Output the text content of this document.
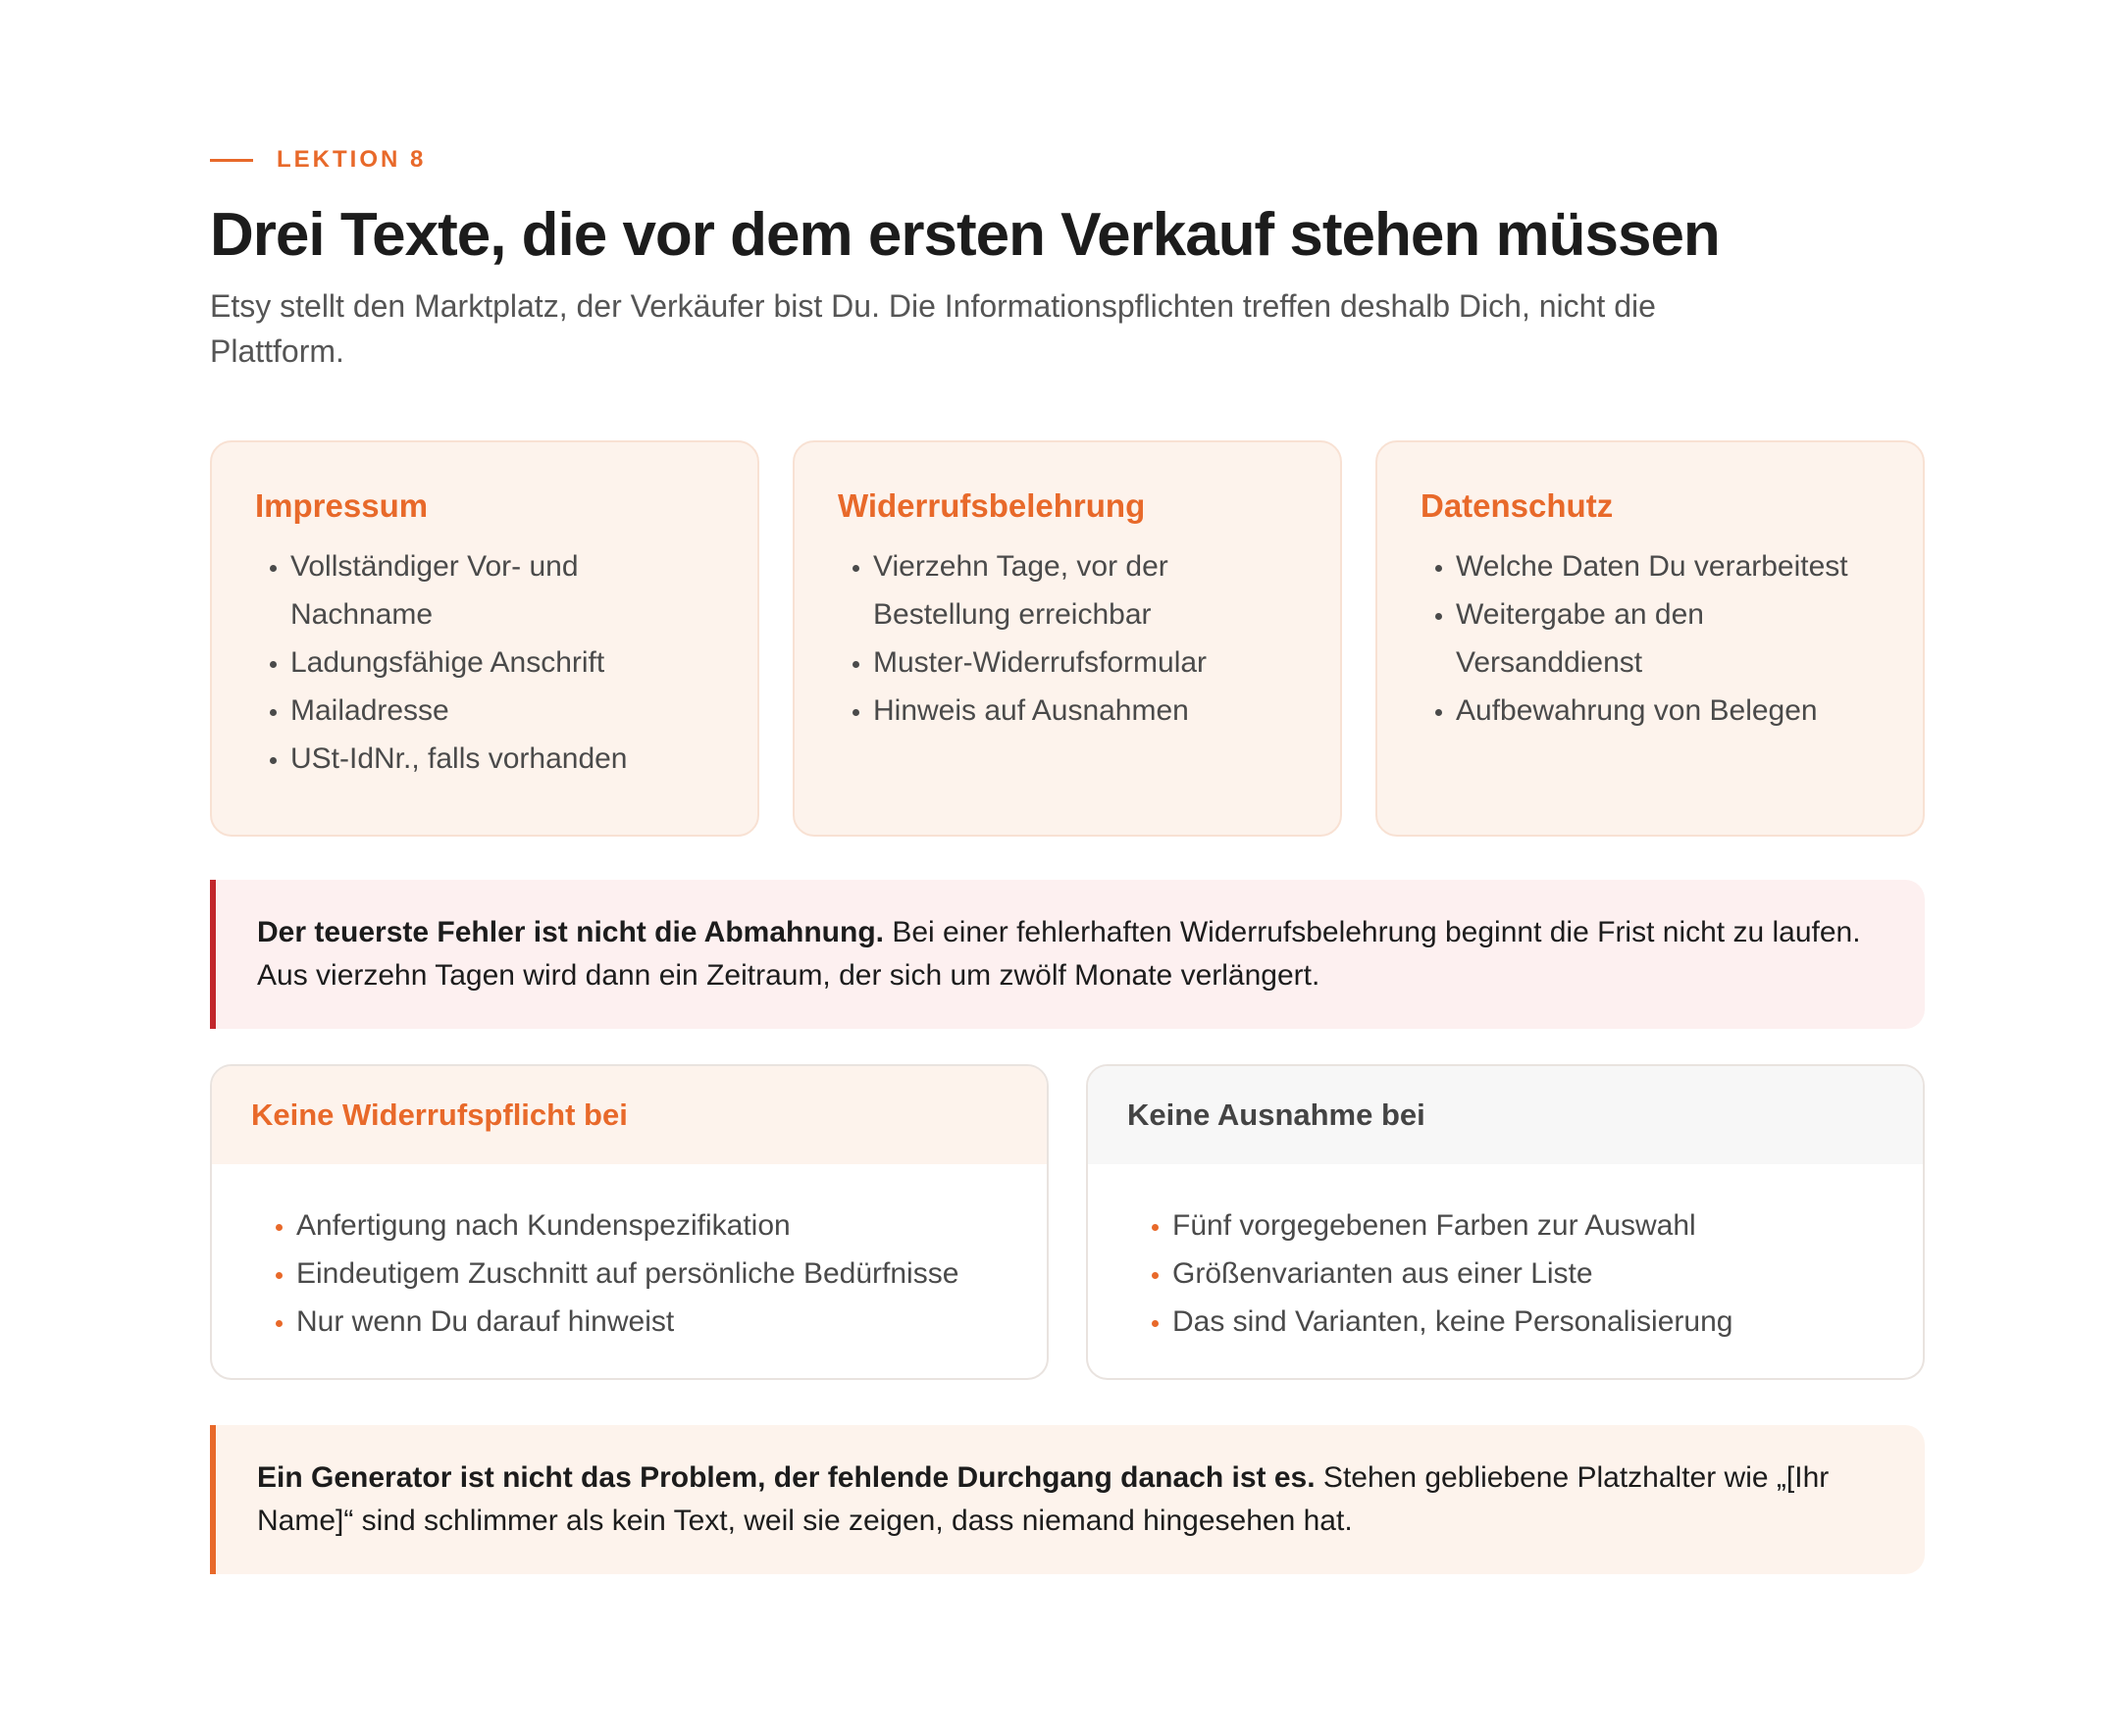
LEKTION 8
Drei Texte, die vor dem ersten Verkauf stehen müssen

Etsy stellt den Marktplatz, der Verkäufer bist Du. Die Informationspflichten treffen deshalb Dich, nicht die Plattform.

Impressum
• Vollständiger Vor- und Nachname
• Ladungsfähige Anschrift
• Mailadresse
• USt-IdNr., falls vorhanden
Widerrufsbelehrung
• Vierzehn Tage, vor der Bestellung erreichbar
• Muster-Widerrufsformular
• Hinweis auf Ausnahmen
Datenschutz
• Welche Daten Du verarbeitest
• Weitergabe an den Versanddienst
• Aufbewahrung von Belegen
Der teuerste Fehler ist nicht die Abmahnung. Bei einer fehlerhaften Widerrufsbelehrung beginnt die Frist nicht zu laufen. Aus vierzehn Tagen wird dann ein Zeitraum, der sich um zwölf Monate verlängert.
Keine Widerrufspflicht bei
• Anfertigung nach Kundenspezifikation
• Eindeutigem Zuschnitt auf persönliche Bedürfnisse
• Nur wenn Du darauf hinweist
Keine Ausnahme bei
• Fünf vorgegebenen Farben zur Auswahl
• Größenvarianten aus einer Liste
• Das sind Varianten, keine Personalisierung
Ein Generator ist nicht das Problem, der fehlende Durchgang danach ist es. Stehen gebliebene Platzhalter wie „[Ihr Name]“ sind schlimmer als kein Text, weil sie zeigen, dass niemand hingesehen hat.
